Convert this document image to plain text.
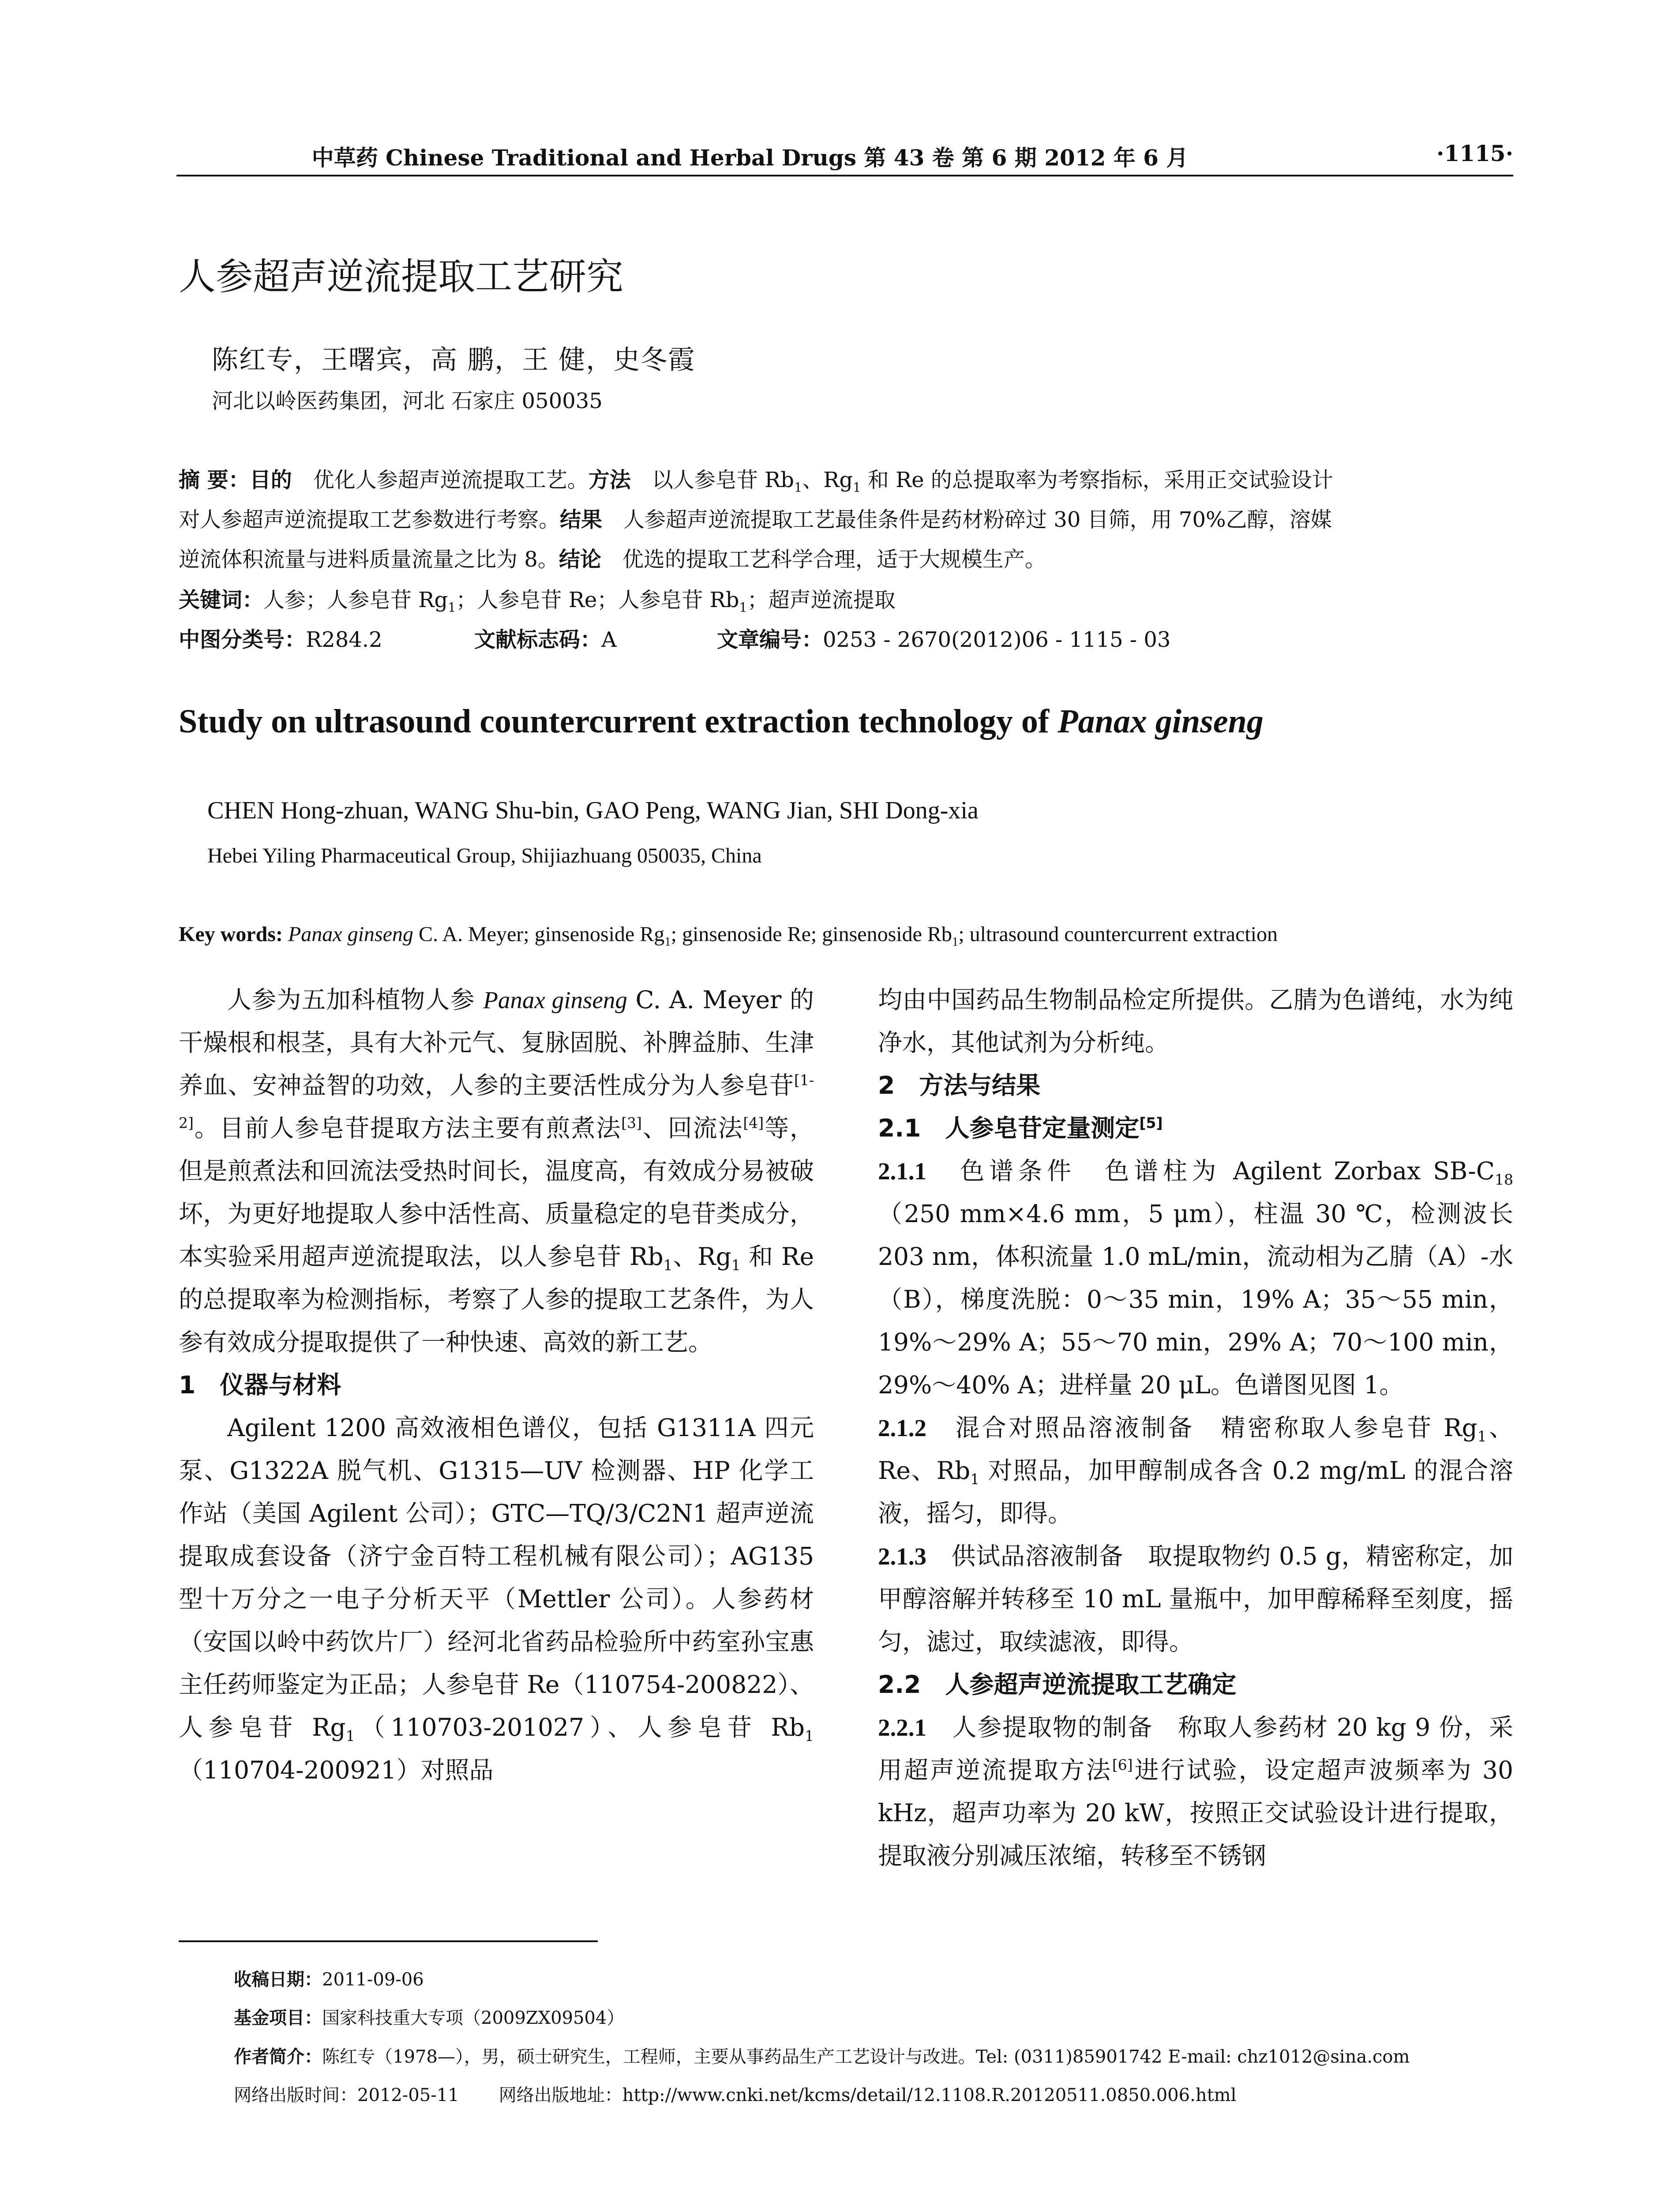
中草药 Chinese Traditional and Herbal Drugs 第 43 卷 第 6 期 2012 年 6 月	·1115·
人参超声逆流提取工艺研究
陈红专，王曙宾，高 鹏，王 健，史冬霞
河北以岭医药集团，河北 石家庄 050035
摘 要：目的　 优化人参超声逆流提取工艺。方法　 以人参皂苷 $Rb_1$、$Rg_1$ 和 Re 的总提取率为考察指标，采用正交试验设计
对人参超声逆流提取工艺参数进行考察。结果　 人参超声逆流提取工艺最佳条件是药材粉碎过 30 目筛，用 70%乙醇，溶媒
逆流体积流量与进料质量流量之比为 8。结论　 优选的提取工艺科学合理，适于大规模生产。
关键词：人参；人参皂苷 $Rg_1$；人参皂苷 Re；人参皂苷 $Rb_1$；超声逆流提取
中图分类号：R284.2	文献标志码：A	文章编号：0253 - 2670(2012)06 - 1115 - 03
Study on ultrasound countercurrent extraction technology of Panax ginseng
CHEN Hong-zhuan, WANG Shu-bin, GAO Peng, WANG Jian, SHI Dong-xia
Hebei Yiling Pharmaceutical Group, Shijiazhuang 050035, China
Key words: Panax ginseng C. A. Meyer; ginsenoside $Rg_1$; ginsenoside Re; ginsenoside $Rb_1$; ultrasound countercurrent extraction

人参为五加科植物人参 Panax ginseng C. A. Meyer 的干燥根和根茎，具有大补元气、复脉固脱、补脾益肺、生津养血、安神益智的功效，人参的主要活性成分为人参皂苷[1-2]。目前人参皂苷提取方法主要有煎煮法[3]、回流法[4]等，但是煎煮法和回流法受热时间长，温度高，有效成分易被破坏，为更好地提取人参中活性高、质量稳定的皂苷类成分，本实验采用超声逆流提取法，以人参皂苷 $Rb_1$、$Rg_1$ 和 Re 的总提取率为检测指标，考察了人参的提取工艺条件，为人参有效成分提取提供了一种快速、高效的新工艺。

1　仪器与材料

Agilent 1200 高效液相色谱仪，包括 G1311A 四元泵、G1322A 脱气机、G1315—UV 检测器、HP 化学工作站（美国 Agilent 公司）；GTC—TQ/3/C2N1 超声逆流提取成套设备（济宁金百特工程机械有限公司）；AG135 型十万分之一电子分析天平（Mettler 公司）。人参药材（安国以岭中药饮片厂）经河北省药品检验所中药室孙宝惠主任药师鉴定为正品；人参皂苷 Re（110754-200822）、人参皂苷 $Rg_1(110703-201027)$、人参皂苷 $Rb_1(110704-200921)$对照品

均由中国药品生物制品检定所提供。乙腈为色谱纯，水为纯净水，其他试剂为分析纯。

2　方法与结果

2.1　人参皂苷定量测定[5]

2.1.1　 色谱条件　 色谱柱为 Agilent Zorbax $SB-C_{18}(250$ mm×4.6 mm，5 μm），柱温 30 ℃，检测波长 203 nm，体积流量 1.0 mL/min，流动相为乙腈（A）-水（B），梯度洗脱：0～35 min，19% A；35～55 min，19%～29% A；55～70 min，29% A；70～100 min，29%～40% A；进样量 20 μL。色谱图见图 1。

2.1.2　 混合对照品溶液制备　 精密称取人参皂苷 $Rg_1$、Re、$Rb_1$ 对照品，加甲醇制成各含 0.2 mg/mL 的混合溶液，摇匀，即得。

2.1.3　 供试品溶液制备　 取提取物约 0.5 g，精密称定，加甲醇溶解并转移至 10 mL 量瓶中，加甲醇稀释至刻度，摇匀，滤过，取续滤液，即得。

2.2　人参超声逆流提取工艺确定

2.2.1　 人参提取物的制备　 称取人参药材 20 kg 9 份，采用超声逆流提取方法[6]进行试验，设定超声波频率为 30 kHz，超声功率为 20 kW，按照正交试验设计进行提取，提取液分别减压浓缩，转移至不锈钢

收稿日期：2011-09-06
基金项目：国家科技重大专项（2009ZX09504）
作者简介：陈红专（1978—），男，硕士研究生，工程师，主要从事药品生产工艺设计与改进。Tel: (0311)85901742 E-mail: chz1012@sina.com
网络出版时间：2012-05-11 网络出版地址：http://www.cnki.net/kcms/detail/12.1108.R.20120511.0850.006.html
